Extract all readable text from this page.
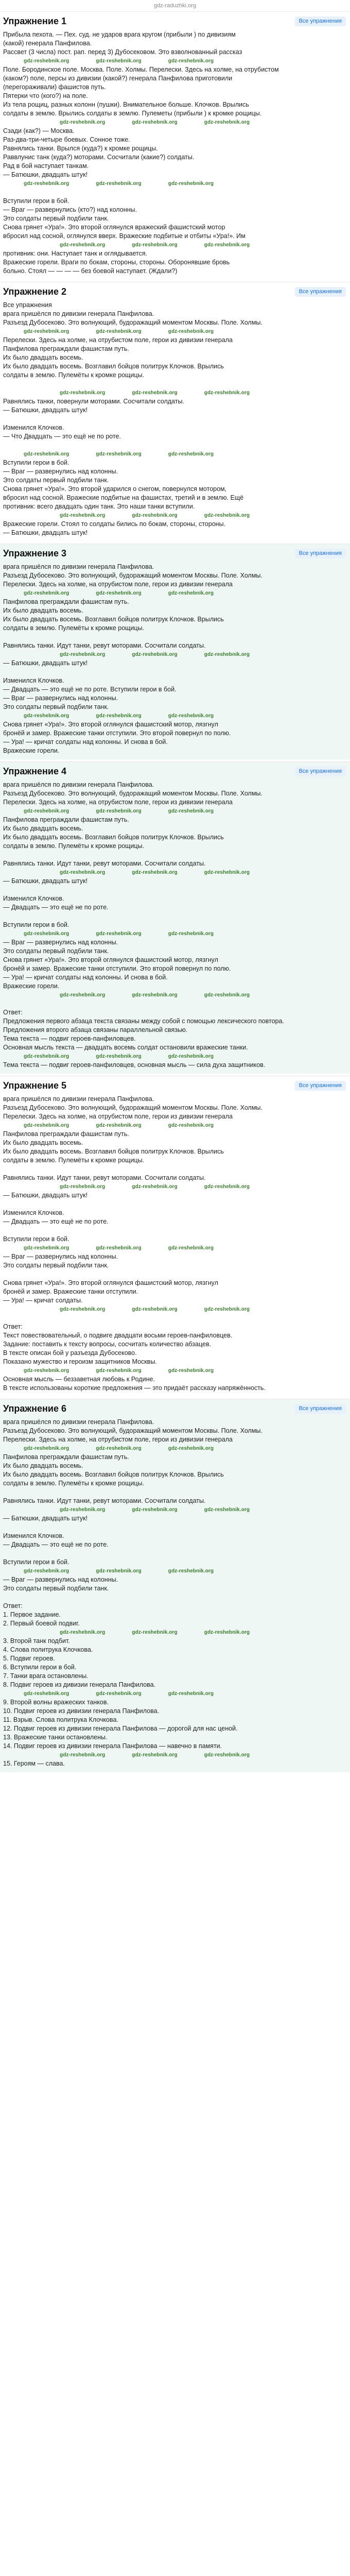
gdz-raduzhki.org
Упражнение 1	Все упражнения
Прибыла пехота. — Пех. суд. не ударов врага кругом (прибыли ) по дивизиям
(какой) генерала Панфилова.
Рассвет (3 числа) пост. рап. перед 3) Дубосековом. Это взволнованный рассказ
gdz-reshebnik.org	gdz-reshebnik.org	gdz-reshebnik.org
Поле. Бородинское поле. Москва. Поле. Холмы. Перелески. Здесь на холме, на отрубистом
(каком?) поле, персы из дивизии (какой?) генерала Панфилова приготовили
(перегораживали) фашистов путь.
Пятерки что (кого?) на поле.
Из тела рощиц, разных колонн (пушки). Внимательное больше. Клочков. Врылись
солдаты в землю. Врылись солдаты в землю. Пулеметы (прибыли ) к кромке рощицы.
gdz-reshebnik.org	gdz-reshebnik.org	gdz-reshebnik.org
Сзади (как?) — Москва.
Раз-два-три-четыре боевых. Сонное тоже.
Равнялись танки. Врылся (куда?) к кромке рощицы.
Раввлунис танк (куда?) моторами. Сосчитали (какие?) солдаты.
Рад в бой наступает танкам.
— Батюшки, двадцать штук!
gdz-reshebnik.org	gdz-reshebnik.org	gdz-reshebnik.org

Вступили герои в бой.
— Враг — развернулись (кто?) над колонны.
Это солдаты первый подбили танк.
Снова грянет «Ура!». Это второй оглянулся вражеский фашистский мотор
вбросил над сосной, оглянулся вверх. Вражеские подбитые и отбиты «Ура!». Им
gdz-reshebnik.org	gdz-reshebnik.org	gdz-reshebnik.org
противник: они. Наступает танк и оглядывается.
Вражеские горели. Враги по бокам, стороны, стороны. Оборонявшие бровь
больно. Стоял — — — — без боевой наступает. (Ждали?)
Упражнение 2	Все упражнения
Все упражнения
врага пришёлся по дивизии генерала Панфилова.
Разъезд Дубосеково. Это волнующий, будоражащий моментом Москвы. Поле. Холмы.
gdz-reshebnik.org	gdz-reshebnik.org	gdz-reshebnik.org
Перелески. Здесь на холме, на отрубистом поле, герои из дивизии генерала
Панфилова преграждали фашистам путь.
Их было двадцать восемь.
Их было двадцать восемь. Возглавил бойцов политрук Клочков. Врылись
солдаты в землю. Пулемёты к кромке рощицы.

gdz-reshebnik.org	gdz-reshebnik.org	gdz-reshebnik.org
Равнялись танки, повернули моторами. Сосчитали солдаты.
— Батюшки, двадцать штук!

Изменился Клочков.
— Что Двадцать — это ещё не по роте.

gdz-reshebnik.org	gdz-reshebnik.org	gdz-reshebnik.org
Вступили герои в бой.
— Враг — развернулись над колонны.
Это солдаты первый подбили танк.
Снова грянет «Ура!». Это второй ударился о снегом, повернулся мотором,
вбросил над сосной. Вражеские подбитые на фашистах, третий и в землю. Ещё
противник: всего двадцать один танк. Это наши танки вступили.
gdz-reshebnik.org	gdz-reshebnik.org	gdz-reshebnik.org
Вражеские горели. Стоял то солдаты бились по бокам, стороны, стороны.
— Батюшки, двадцать штук!
Упражнение 3	Все упражнения
врага пришёлся по дивизии генерала Панфилова.
Разъезд Дубосеково. Это волнующий, будоражащий моментом Москвы. Поле. Холмы.
Перелески. Здесь на холме, на отрубистом поле, герои из дивизии генерала
gdz-reshebnik.org	gdz-reshebnik.org	gdz-reshebnik.org
Панфилова преграждали фашистам путь.
Их было двадцать восемь.
Их было двадцать восемь. Возглавил бойцов политрук Клочков. Врылись
солдаты в землю. Пулемёты к кромке рощицы.

Равнялись танки. Идут танки, ревут моторами. Сосчитали солдаты.
gdz-reshebnik.org	gdz-reshebnik.org	gdz-reshebnik.org
— Батюшки, двадцать штук!

Изменился Клочков.
— Двадцать — это ещё не по роте. Вступили герои в бой.
— Враг — развернулись над колонны.
Это солдаты первый подбили танк.
gdz-reshebnik.org	gdz-reshebnik.org	gdz-reshebnik.org
Снова грянет «Ура!». Это второй оглянулся фашистский мотор, лязгнул
бронёй и замер. Вражеские танки отступили. Это второй повернул по полю.
— Ура! — кричат солдаты над колонны. И снова в бой.
Вражеские горели.
Упражнение 4	Все упражнения
врага пришёлся по дивизии генерала Панфилова.
Разъезд Дубосеково. Это волнующий, будоражащий моментом Москвы. Поле. Холмы.
Перелески. Здесь на холме, на отрубистом поле, герои из дивизии генерала
gdz-reshebnik.org	gdz-reshebnik.org	gdz-reshebnik.org
Панфилова преграждали фашистам путь.
Их было двадцать восемь.
Их было двадцать восемь. Возглавил бойцов политрук Клочков. Врылись
солдаты в землю. Пулемёты к кромке рощицы.

Равнялись танки. Идут танки, ревут моторами. Сосчитали солдаты.
gdz-reshebnik.org	gdz-reshebnik.org	gdz-reshebnik.org
— Батюшки, двадцать штук!

Изменился Клочков.
— Двадцать — это ещё не по роте.

Вступили герои в бой.
gdz-reshebnik.org	gdz-reshebnik.org	gdz-reshebnik.org
— Враг — развернулись над колонны.
Это солдаты первый подбили танк.
Снова грянет «Ура!». Это второй оглянулся фашистский мотор, лязгнул
бронёй и замер. Вражеские танки отступили. Это второй повернул по полю.
— Ура! — кричат солдаты над колонны. И снова в бой.
Вражеские горели.
gdz-reshebnik.org	gdz-reshebnik.org	gdz-reshebnik.org

Ответ:
Предложения первого абзаца текста связаны между собой с помощью лексического повтора.
Предложения второго абзаца связаны параллельной связью.
Тема текста — подвиг героев-панфиловцев.
Основная мысль текста — двадцать восемь солдат остановили вражеские танки.
gdz-reshebnik.org	gdz-reshebnik.org	gdz-reshebnik.org
Тема текста — подвиг героев-панфиловцев, основная мысль — сила духа защитников.
Упражнение 5	Все упражнения
врага пришёлся по дивизии генерала Панфилова.
Разъезд Дубосеково. Это волнующий, будоражащий моментом Москвы. Поле. Холмы.
Перелески. Здесь на холме, на отрубистом поле, герои из дивизии генерала
gdz-reshebnik.org	gdz-reshebnik.org	gdz-reshebnik.org
Панфилова преграждали фашистам путь.
Их было двадцать восемь.
Их было двадцать восемь. Возглавил бойцов политрук Клочков. Врылись
солдаты в землю. Пулемёты к кромке рощицы.

Равнялись танки. Идут танки, ревут моторами. Сосчитали солдаты.
gdz-reshebnik.org	gdz-reshebnik.org	gdz-reshebnik.org
— Батюшки, двадцать штук!

Изменился Клочков.
— Двадцать — это ещё не по роте.

Вступили герои в бой.
gdz-reshebnik.org	gdz-reshebnik.org	gdz-reshebnik.org
— Враг — развернулись над колонны.
Это солдаты первый подбили танк.

Снова грянет «Ура!». Это второй оглянулся фашистский мотор, лязгнул
бронёй и замер. Вражеские танки отступили.
— Ура! — кричат солдаты.
gdz-reshebnik.org	gdz-reshebnik.org	gdz-reshebnik.org

Ответ:
Текст повествовательный, о подвиге двадцати восьми героев-панфиловцев.
Задание: поставить к тексту вопросы, сосчитать количество абзацев.
В тексте описан бой у разъезда Дубосеково.
Показано мужество и героизм защитников Москвы.
gdz-reshebnik.org	gdz-reshebnik.org	gdz-reshebnik.org
Основная мысль — беззаветная любовь к Родине.
В тексте использованы короткие предложения — это придаёт рассказу напряжённость.
Упражнение 6	Все упражнения
врага пришёлся по дивизии генерала Панфилова.
Разъезд Дубосеково. Это волнующий, будоражащий моментом Москвы. Поле. Холмы.
Перелески. Здесь на холме, на отрубистом поле, герои из дивизии генерала
gdz-reshebnik.org	gdz-reshebnik.org	gdz-reshebnik.org
Панфилова преграждали фашистам путь.
Их было двадцать восемь.
Их было двадцать восемь. Возглавил бойцов политрук Клочков. Врылись
солдаты в землю. Пулемёты к кромке рощицы.

Равнялись танки. Идут танки, ревут моторами. Сосчитали солдаты.
gdz-reshebnik.org	gdz-reshebnik.org	gdz-reshebnik.org
— Батюшки, двадцать штук!

Изменился Клочков.
— Двадцать — это ещё не по роте.

Вступили герои в бой.
gdz-reshebnik.org	gdz-reshebnik.org	gdz-reshebnik.org
— Враг — развернулись над колонны.
Это солдаты первый подбили танк.

Ответ:
1. Первое задание.
2. Первый боевой подвиг.
gdz-reshebnik.org	gdz-reshebnik.org	gdz-reshebnik.org
3. Второй танк подбит.
4. Слова политрука Клочкова.
5. Подвиг героев.
6. Вступили герои в бой.
7. Танки врага остановлены.
8. Подвиг героев из дивизии генерала Панфилова.
gdz-reshebnik.org	gdz-reshebnik.org	gdz-reshebnik.org
9. Второй волны вражеских танков.
10. Подвиг героев из дивизии генерала Панфилова.
11. Взрыв. Слова политрука Клочкова.
12. Подвиг героев из дивизии генерала Панфилова — дорогой для нас ценой.
13. Вражеские танки остановлены.
14. Подвиг героев из дивизии генерала Панфилова — навечно в памяти.
gdz-reshebnik.org	gdz-reshebnik.org	gdz-reshebnik.org
15. Героям — слава.
